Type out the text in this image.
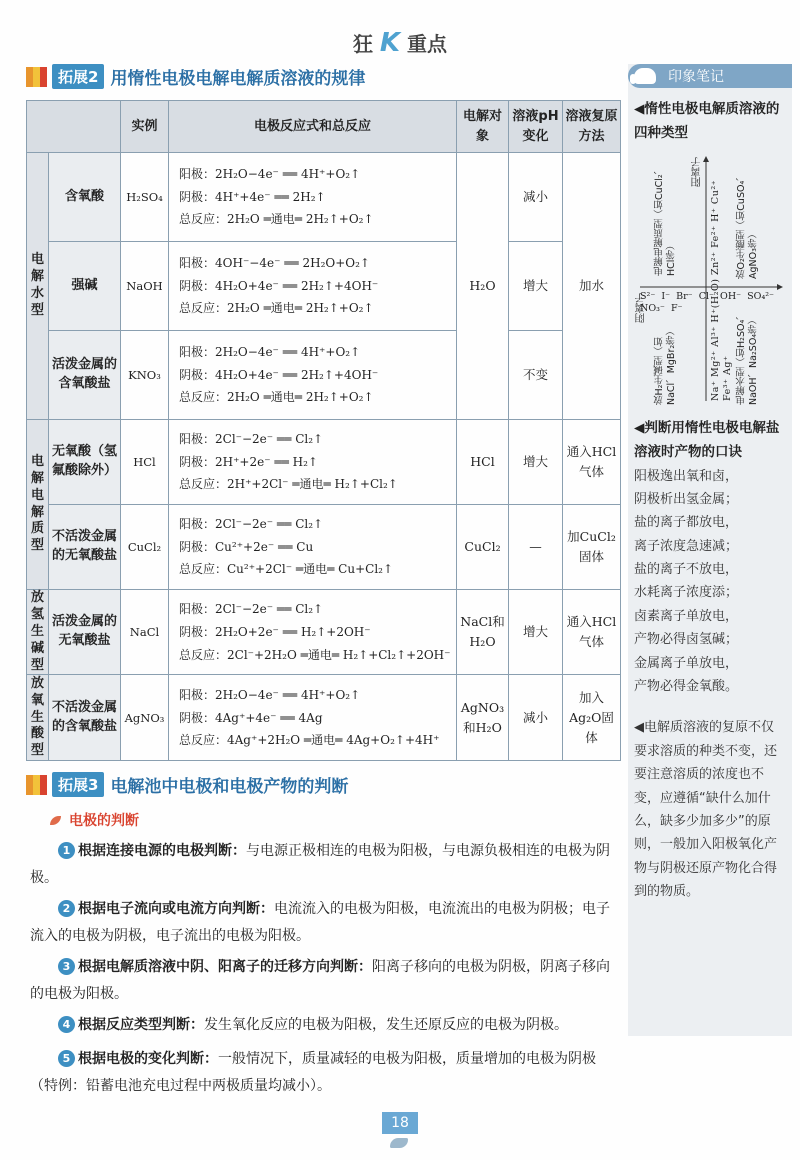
狂 K 重点
拓展2 用惰性电极电解电解质溶液的规律
		实例	电极反应式和总反应	电解对象	溶液pH变化	溶液复原方法
电解水型	含氧酸	H₂SO₄	阳极：2H₂O−4e⁻ ══ 4H⁺+O₂↑
阴极：4H⁺+4e⁻ ══ 2H₂↑
总反应：2H₂O ═通电═ 2H₂↑+O₂↑	H₂O	减小	加水
	强碱	NaOH	阳极：4OH⁻−4e⁻ ══ 2H₂O+O₂↑
阴极：4H₂O+4e⁻ ══ 2H₂↑+4OH⁻
总反应：2H₂O ═通电═ 2H₂↑+O₂↑		增大	
	活泼金属的含氧酸盐	KNO₃	阳极：2H₂O−4e⁻ ══ 4H⁺+O₂↑
阴极：4H₂O+4e⁻ ══ 2H₂↑+4OH⁻
总反应：2H₂O ═通电═ 2H₂↑+O₂↑		不变	
电解电解质型	无氧酸（氢氟酸除外）	HCl	阳极：2Cl⁻−2e⁻ ══ Cl₂↑
阴极：2H⁺+2e⁻ ══ H₂↑
总反应：2H⁺+2Cl⁻ ═通电═ H₂↑+Cl₂↑	HCl	增大	通入HCl气体
	不活泼金属的无氧酸盐	CuCl₂	阳极：2Cl⁻−2e⁻ ══ Cl₂↑
阴极：Cu²⁺+2e⁻ ══ Cu
总反应：Cu²⁺+2Cl⁻ ═通电═ Cu+Cl₂↑	CuCl₂	—	加CuCl₂固体
放氢生碱型	活泼金属的无氧酸盐	NaCl	阳极：2Cl⁻−2e⁻ ══ Cl₂↑
阴极：2H₂O+2e⁻ ══ H₂↑+2OH⁻
总反应：2Cl⁻+2H₂O ═通电═ H₂↑+Cl₂↑+2OH⁻	NaCl和H₂O	增大	通入HCl气体
放氧生酸型	不活泼金属的含氧酸盐	AgNO₃	阳极：2H₂O−4e⁻ ══ 4H⁺+O₂↑
阴极：4Ag⁺+4e⁻ ══ 4Ag
总反应：4Ag⁺+2H₂O ═通电═ 4Ag+O₂↑+4H⁺	AgNO₃和H₂O	减小	加入Ag₂O固体
印象笔记
◀惰性电极电解质溶液的四种类型
阳离子
阴离子	Na⁺ Mg²⁺ Al³⁺ H⁺(H₂O) Zn²⁺ Fe²⁺ H⁺ Cu²⁺ Fe³⁺ Ag⁺
S²⁻ I⁻ Br⁻ Cl⁻ OH⁻ SO₄²⁻ NO₃⁻ F⁻
电解电解质型（如CuCl₂、HCl等）	放O₂生酸型（如CuSO₄、AgNO₃等）
放H₂生碱型（如NaCl、MgBr₂等）	电解水型（如H₂SO₄、NaOH、Na₂SO₄等）
◀判断用惰性电极电解盐溶液时产物的口诀
阳极逸出氧和卤，
阴极析出氢金属；
盐的离子都放电，
离子浓度急速减；
盐的离子不放电，
水耗离子浓度添；
卤素离子单放电，
产物必得卤氢碱；
金属离子单放电，
产物必得金氧酸。
◀电解质溶液的复原不仅要求溶质的种类不变，还要注意溶质的浓度也不变，应遵循“缺什么加什么，缺多少加多少”的原则，一般加入阳极氧化产物与阴极还原产物化合得到的物质。
拓展3 电解池中电极和电极产物的判断
电极的判断
1 根据连接电源的电极判断：与电源正极相连的电极为阳极，与电源负极相连的电极为阴极。
2 根据电子流向或电流方向判断：电流流入的电极为阳极，电流流出的电极为阴极；电子流入的电极为阴极，电子流出的电极为阳极。
3 根据电解质溶液中阴、阳离子的迁移方向判断：阳离子移向的电极为阴极，阴离子移向的电极为阳极。
4 根据反应类型判断：发生氧化反应的电极为阳极，发生还原反应的电极为阴极。
5 根据电极的变化判断：一般情况下，质量减轻的电极为阳极，质量增加的电极为阴极（特例：铅蓄电池充电过程中两极质量均减小）。
18
